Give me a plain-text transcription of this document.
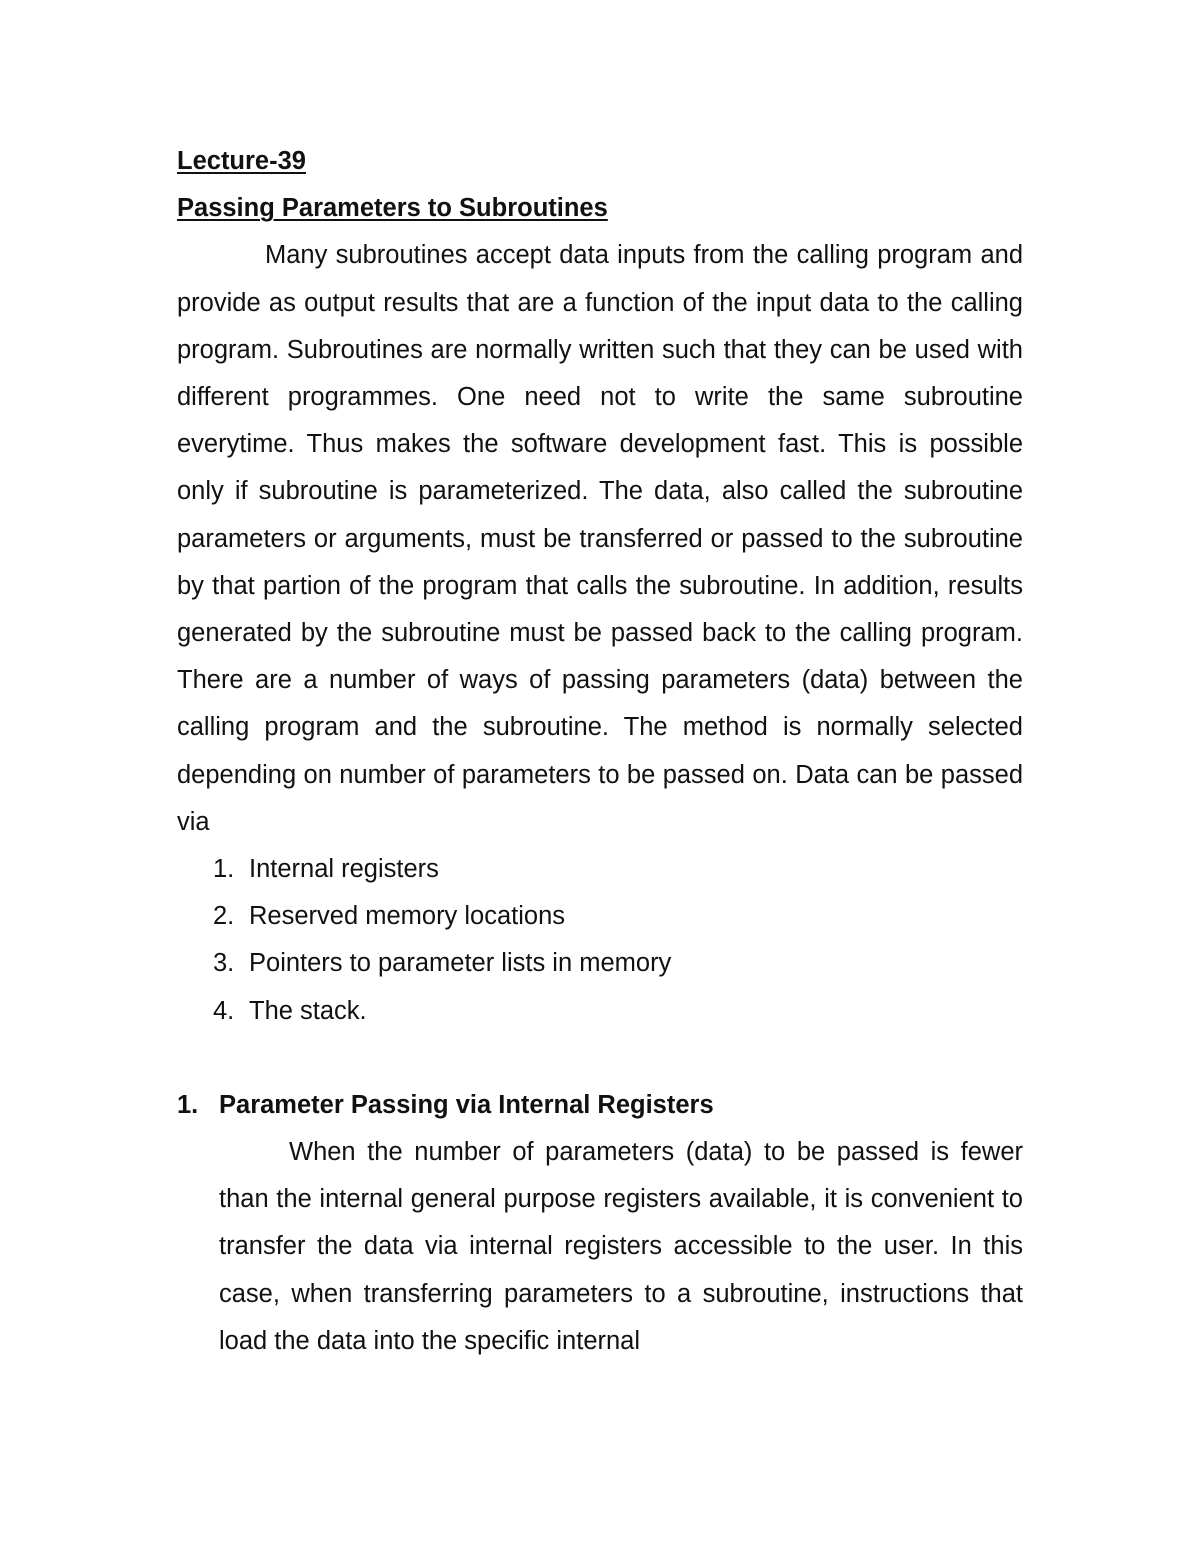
Lecture-39

Passing Parameters to Subroutines

Many subroutines accept data inputs from the calling program and provide as output results that are a function of the input data to the calling program. Subroutines are normally written such that they can be used with different programmes. One need not to write the same subroutine everytime. Thus makes the software development fast. This is possible only if subroutine is parameterized. The data, also called the subroutine parameters or arguments, must be transferred or passed to the subroutine by that partion of the program that calls the subroutine. In addition, results generated by the subroutine must be passed back to the calling program. There are a number of ways of passing parameters (data) between the calling program and the subroutine. The method is normally selected depending on number of parameters to be passed on. Data can be passed via

1. Internal registers
2. Reserved memory locations
3. Pointers to parameter lists in memory
4. The stack.
1. Parameter Passing via Internal Registers

When the number of parameters (data) to be passed is fewer than the internal general purpose registers available, it is convenient to transfer the data via internal registers accessible to the user. In this case, when transferring parameters to a subroutine, instructions that load the data into the specific internal
